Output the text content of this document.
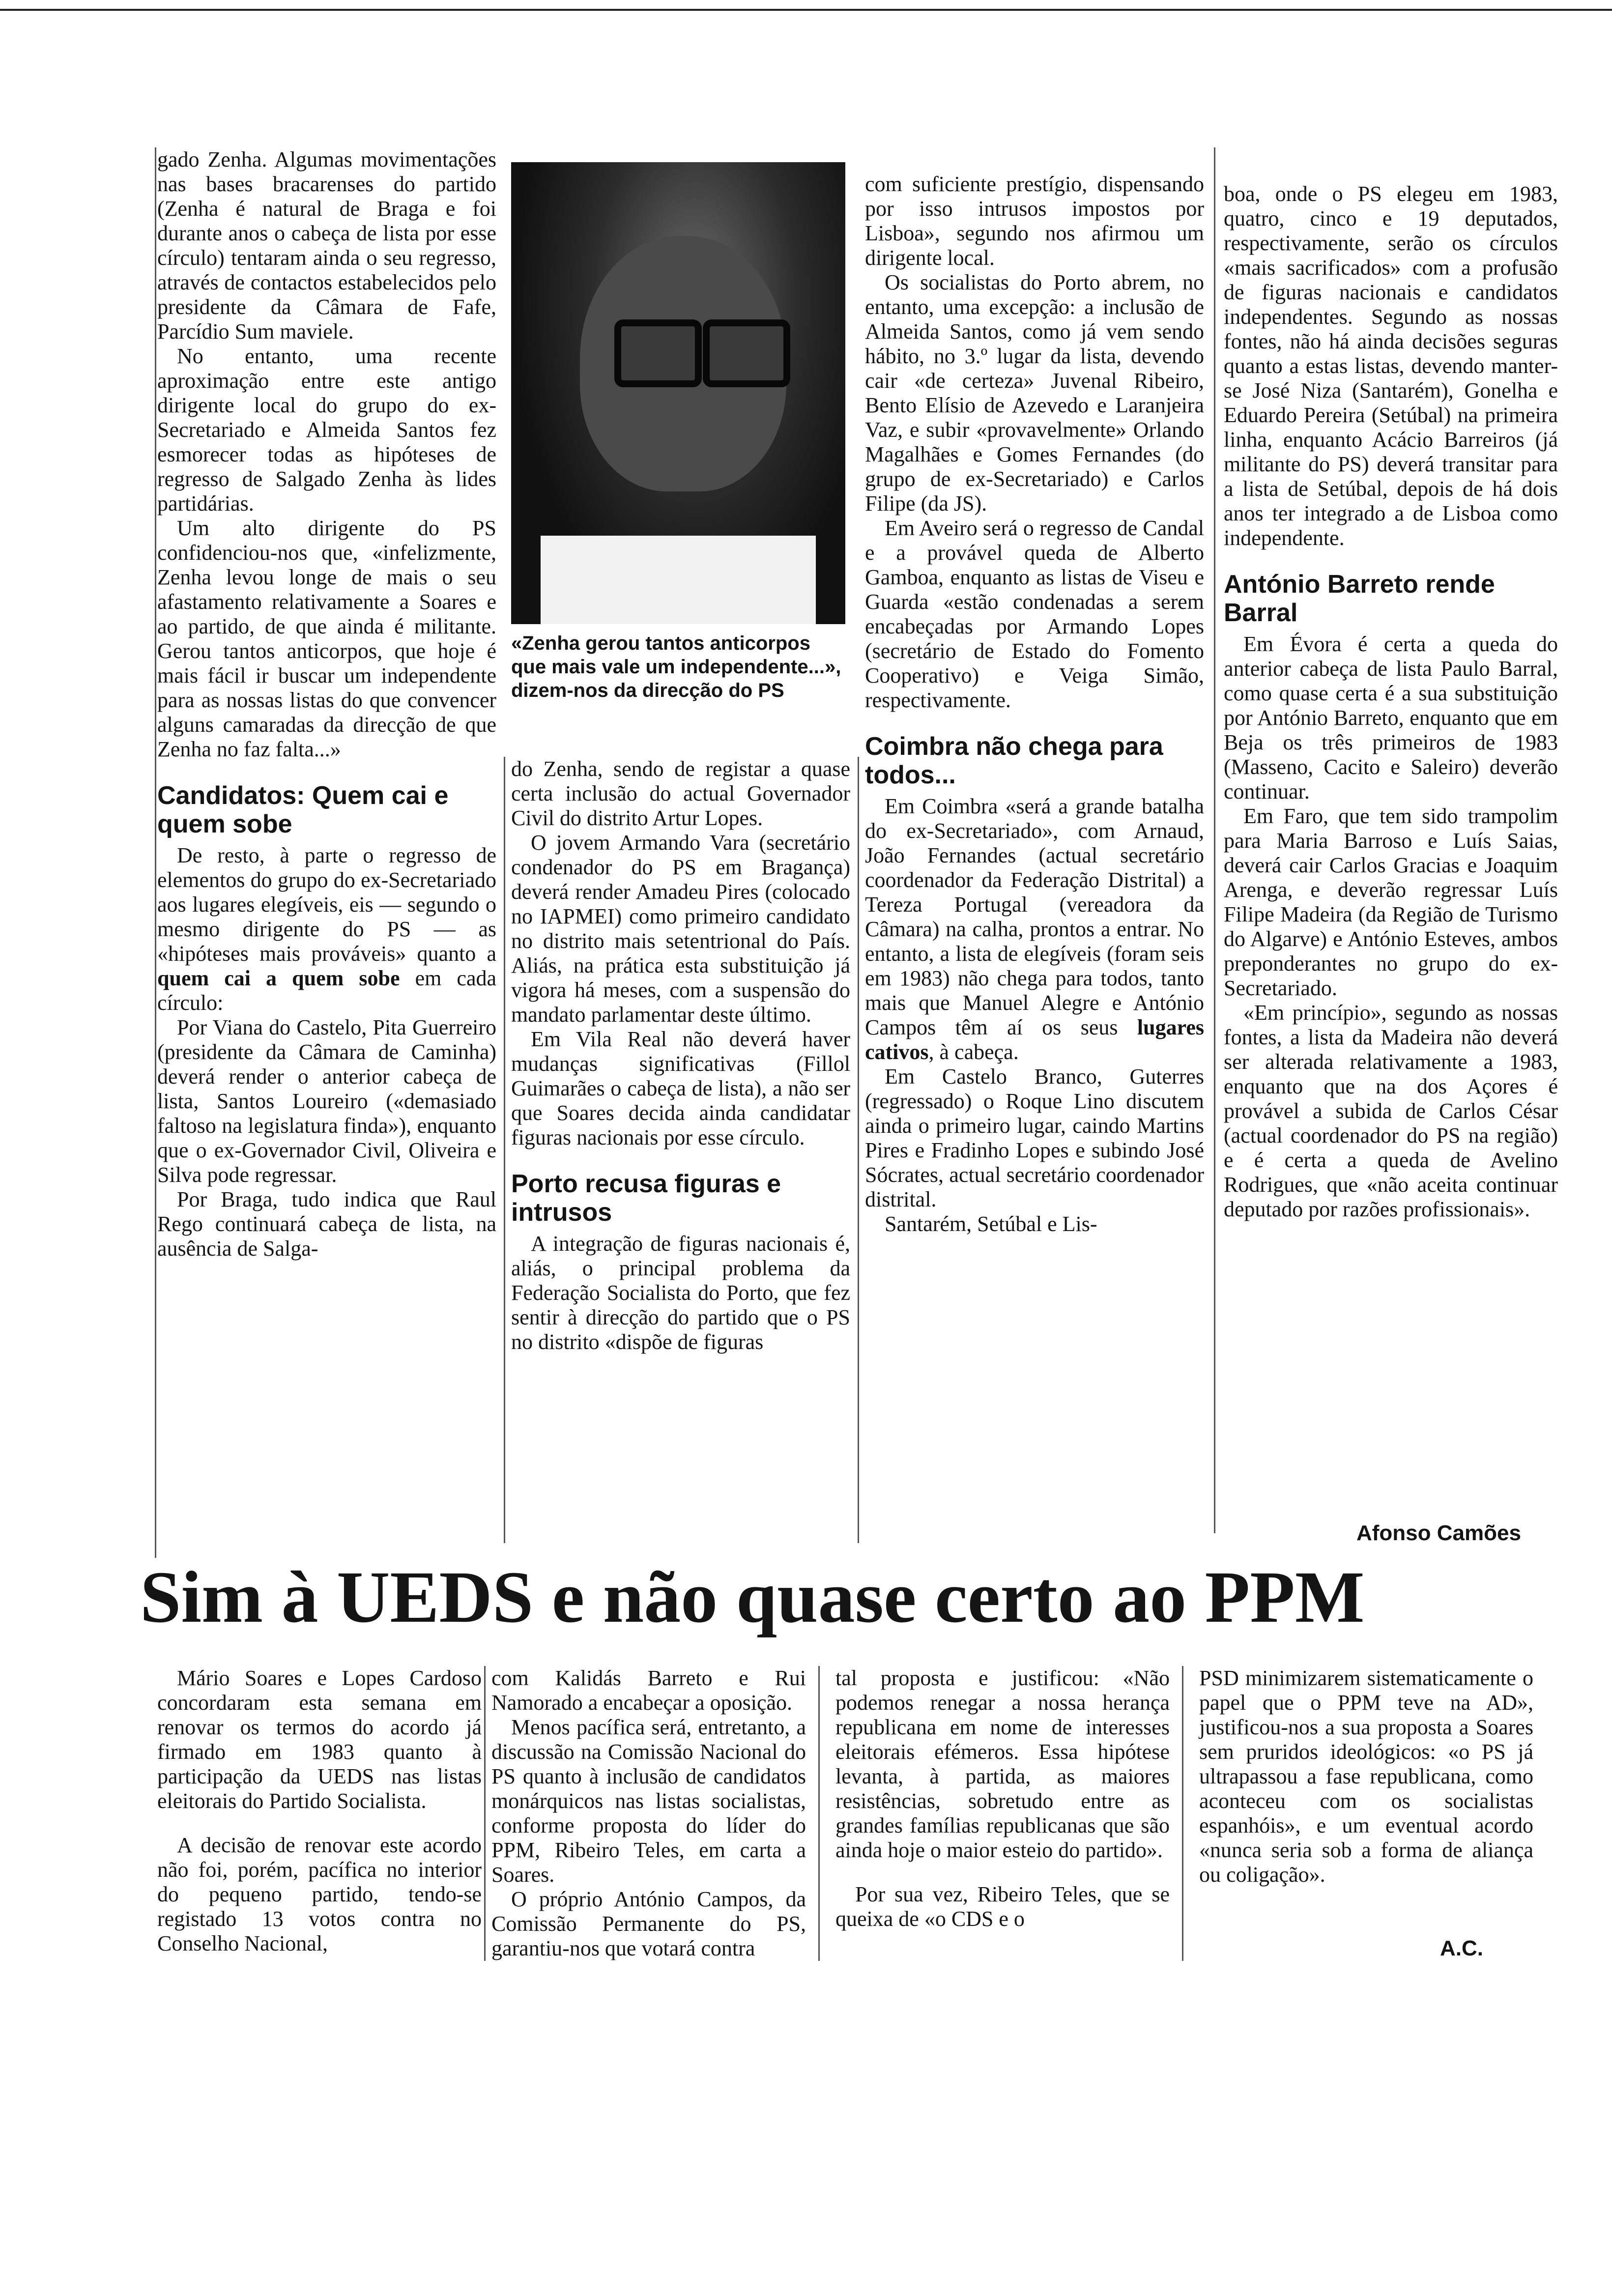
gado Zenha. Algumas movimentações nas bases bracarenses do partido (Zenha é natural de Braga e foi durante anos o cabeça de lista por esse círculo) tentaram ainda o seu regresso, através de contactos estabelecidos pelo presidente da Câmara de Fafe, Parcídio Sum maviele.

No entanto, uma recente aproximação entre este antigo dirigente local do grupo do ex-Secretariado e Almeida Santos fez esmorecer todas as hipóteses de regresso de Salgado Zenha às lides partidárias.

Um alto dirigente do PS confidenciou-nos que, «infelizmente, Zenha levou longe de mais o seu afastamento relativamente a Soares e ao partido, de que ainda é militante. Gerou tantos anticorpos, que hoje é mais fácil ir buscar um independente para as nossas listas do que convencer alguns camaradas da direcção de que Zenha no faz falta...»

Candidatos: Quem cai e quem sobe

De resto, à parte o regresso de elementos do grupo do ex-Secretariado aos lugares elegíveis, eis — segundo o mesmo dirigente do PS — as «hipóteses mais prováveis» quanto a quem cai a quem sobe em cada círculo:

Por Viana do Castelo, Pita Guerreiro (presidente da Câmara de Caminha) deverá render o anterior cabeça de lista, Santos Loureiro («demasiado faltoso na legislatura finda»), enquanto que o ex-Governador Civil, Oliveira e Silva pode regressar.

Por Braga, tudo indica que Raul Rego continuará cabeça de lista, na ausência de Salga-

«Zenha gerou tantos anticorpos que mais vale um independente...», dizem-nos da direcção do PS

do Zenha, sendo de registar a quase certa inclusão do actual Governador Civil do distrito Artur Lopes.

O jovem Armando Vara (secretário condenador do PS em Bragança) deverá render Amadeu Pires (colocado no IAPMEI) como primeiro candidato no distrito mais setentrional do País. Aliás, na prática esta substituição já vigora há meses, com a suspensão do mandato parlamentar deste último.

Em Vila Real não deverá haver mudanças significativas (Fillol Guimarães o cabeça de lista), a não ser que Soares decida ainda candidatar figuras nacionais por esse círculo.

Porto recusa figuras e intrusos

A integração de figuras nacionais é, aliás, o principal problema da Federação Socialista do Porto, que fez sentir à direcção do partido que o PS no distrito «dispõe de figuras

com suficiente prestígio, dispensando por isso intrusos impostos por Lisboa», segundo nos afirmou um dirigente local.

Os socialistas do Porto abrem, no entanto, uma excepção: a inclusão de Almeida Santos, como já vem sendo hábito, no 3.º lugar da lista, devendo cair «de certeza» Juvenal Ribeiro, Bento Elísio de Azevedo e Laranjeira Vaz, e subir «provavelmente» Orlando Magalhães e Gomes Fernandes (do grupo de ex-Secretariado) e Carlos Filipe (da JS).

Em Aveiro será o regresso de Candal e a provável queda de Alberto Gamboa, enquanto as listas de Viseu e Guarda «estão condenadas a serem encabeçadas por Armando Lopes (secretário de Estado do Fomento Cooperativo) e Veiga Simão, respectivamente.

Coimbra não chega para todos...

Em Coimbra «será a grande batalha do ex-Secretariado», com Arnaud, João Fernandes (actual secretário coordenador da Federação Distrital) a Tereza Portugal (vereadora da Câmara) na calha, prontos a entrar. No entanto, a lista de elegíveis (foram seis em 1983) não chega para todos, tanto mais que Manuel Alegre e António Campos têm aí os seus lugares cativos, à cabeça.

Em Castelo Branco, Guterres (regressado) o Roque Lino discutem ainda o primeiro lugar, caindo Martins Pires e Fradinho Lopes e subindo José Sócrates, actual secretário coordenador distrital.

Santarém, Setúbal e Lis-

boa, onde o PS elegeu em 1983, quatro, cinco e 19 deputados, respectivamente, serão os círculos «mais sacrificados» com a profusão de figuras nacionais e candidatos independentes. Segundo as nossas fontes, não há ainda decisões seguras quanto a estas listas, devendo manter-se José Niza (Santarém), Gonelha e Eduardo Pereira (Setúbal) na primeira linha, enquanto Acácio Barreiros (já militante do PS) deverá transitar para a lista de Setúbal, depois de há dois anos ter integrado a de Lisboa como independente.

António Barreto rende Barral

Em Évora é certa a queda do anterior cabeça de lista Paulo Barral, como quase certa é a sua substituição por António Barreto, enquanto que em Beja os três primeiros de 1983 (Masseno, Cacito e Saleiro) deverão continuar.

Em Faro, que tem sido trampolim para Maria Barroso e Luís Saias, deverá cair Carlos Gracias e Joaquim Arenga, e deverão regressar Luís Filipe Madeira (da Região de Turismo do Algarve) e António Esteves, ambos preponderantes no grupo do ex-Secretariado.

«Em princípio», segundo as nossas fontes, a lista da Madeira não deverá ser alterada relativamente a 1983, enquanto que na dos Açores é provável a subida de Carlos César (actual coordenador do PS na região) e é certa a queda de Avelino Rodrigues, que «não aceita continuar deputado por razões profissionais».

Afonso Camões
Sim à UEDS e não quase certo ao PPM

Mário Soares e Lopes Cardoso concordaram esta semana em renovar os termos do acordo já firmado em 1983 quanto à participação da UEDS nas listas eleitorais do Partido Socialista.

A decisão de renovar este acordo não foi, porém, pacífica no interior do pequeno partido, tendo-se registado 13 votos contra no Conselho Nacional,

com Kalidás Barreto e Rui Namorado a encabeçar a oposição.

Menos pacífica será, entretanto, a discussão na Comissão Nacional do PS quanto à inclusão de candidatos monárquicos nas listas socialistas, conforme proposta do líder do PPM, Ribeiro Teles, em carta a Soares.

O próprio António Campos, da Comissão Permanente do PS, garantiu-nos que votará contra

tal proposta e justificou: «Não podemos renegar a nossa herança republicana em nome de interesses eleitorais efémeros. Essa hipótese levanta, à partida, as maiores resistências, sobretudo entre as grandes famílias republicanas que são ainda hoje o maior esteio do partido».

Por sua vez, Ribeiro Teles, que se queixa de «o CDS e o

PSD minimizarem sistematicamente o papel que o PPM teve na AD», justificou-nos a sua proposta a Soares sem pruridos ideológicos: «o PS já ultrapassou a fase republicana, como aconteceu com os socialistas espanhóis», e um eventual acordo «nunca seria sob a forma de aliança ou coligação».

A.C.
